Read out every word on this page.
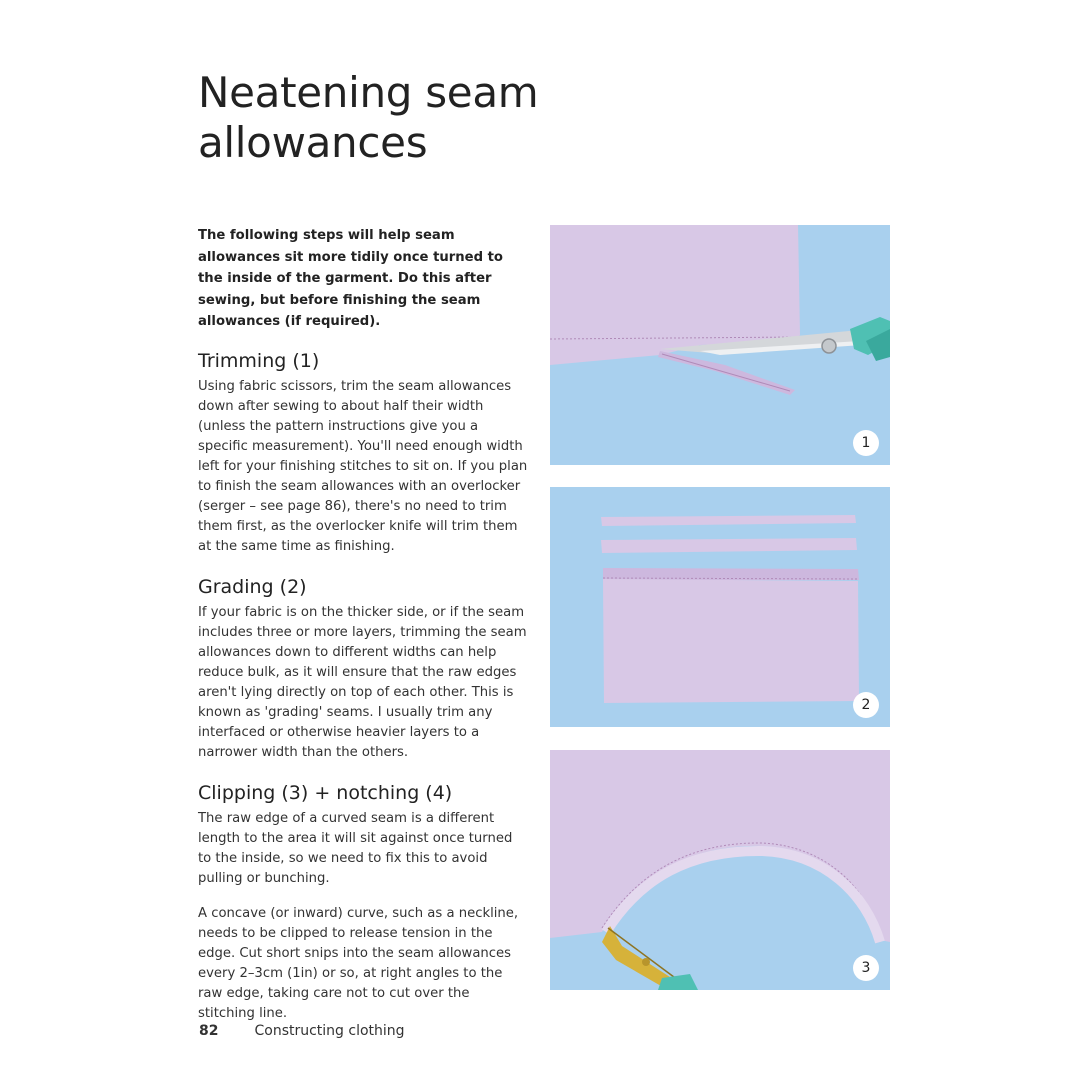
Neatening seam allowances

The following steps will help seam allowances sit more tidily once turned to the inside of the garment. Do this after sewing, but before finishing the seam allowances (if required).

Trimming (1)

Using fabric scissors, trim the seam allowances down after sewing to about half their width (unless the pattern instructions give you a specific measurement). You'll need enough width left for your finishing stitches to sit on. If you plan to finish the seam allowances with an overlocker (serger – see page 86), there's no need to trim them first, as the overlocker knife will trim them at the same time as finishing.

Grading (2)

If your fabric is on the thicker side, or if the seam includes three or more layers, trimming the seam allowances down to different widths can help reduce bulk, as it will ensure that the raw edges aren't lying directly on top of each other. This is known as 'grading' seams. I usually trim any interfaced or otherwise heavier layers to a narrower width than the others.

Clipping (3) + notching (4)

The raw edge of a curved seam is a different length to the area it will sit against once turned to the inside, so we need to fix this to avoid pulling or bunching.

A concave (or inward) curve, such as a neckline, needs to be clipped to release tension in the edge. Cut short snips into the seam allowances every 2–3cm (1in) or so, at right angles to the raw edge, taking care not to cut over the stitching line.

1
2
3
82	Constructing clothing
